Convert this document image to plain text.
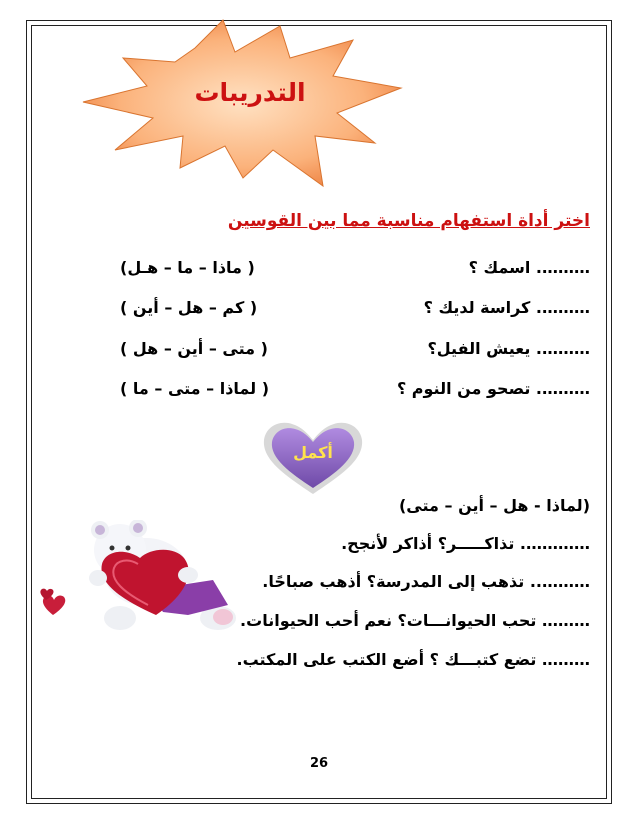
التدريبات
اختر أداة استفهام مناسبة مما بين القوسين
………. اسمك ؟
( ماذا – ما – هـل)
………. كراسة لديك ؟
( كم – هل – أين )
………. يعيش الفيل؟
( متى – أين – هل )
………. تصحو من النوم ؟
( لماذا – متى – ما )
أكمل
(لماذا - هل – أين – متى)
…………. تذاكـــــر؟ أذاكر لأنجح.
……….. تذهب إلى المدرسة؟ أذهب صباحًا.
……… تحب الحيوانـــات؟ نعم أحب الحيوانات.
……… تضع كتبـــك ؟ أضع الكتب على المكتب.
26
